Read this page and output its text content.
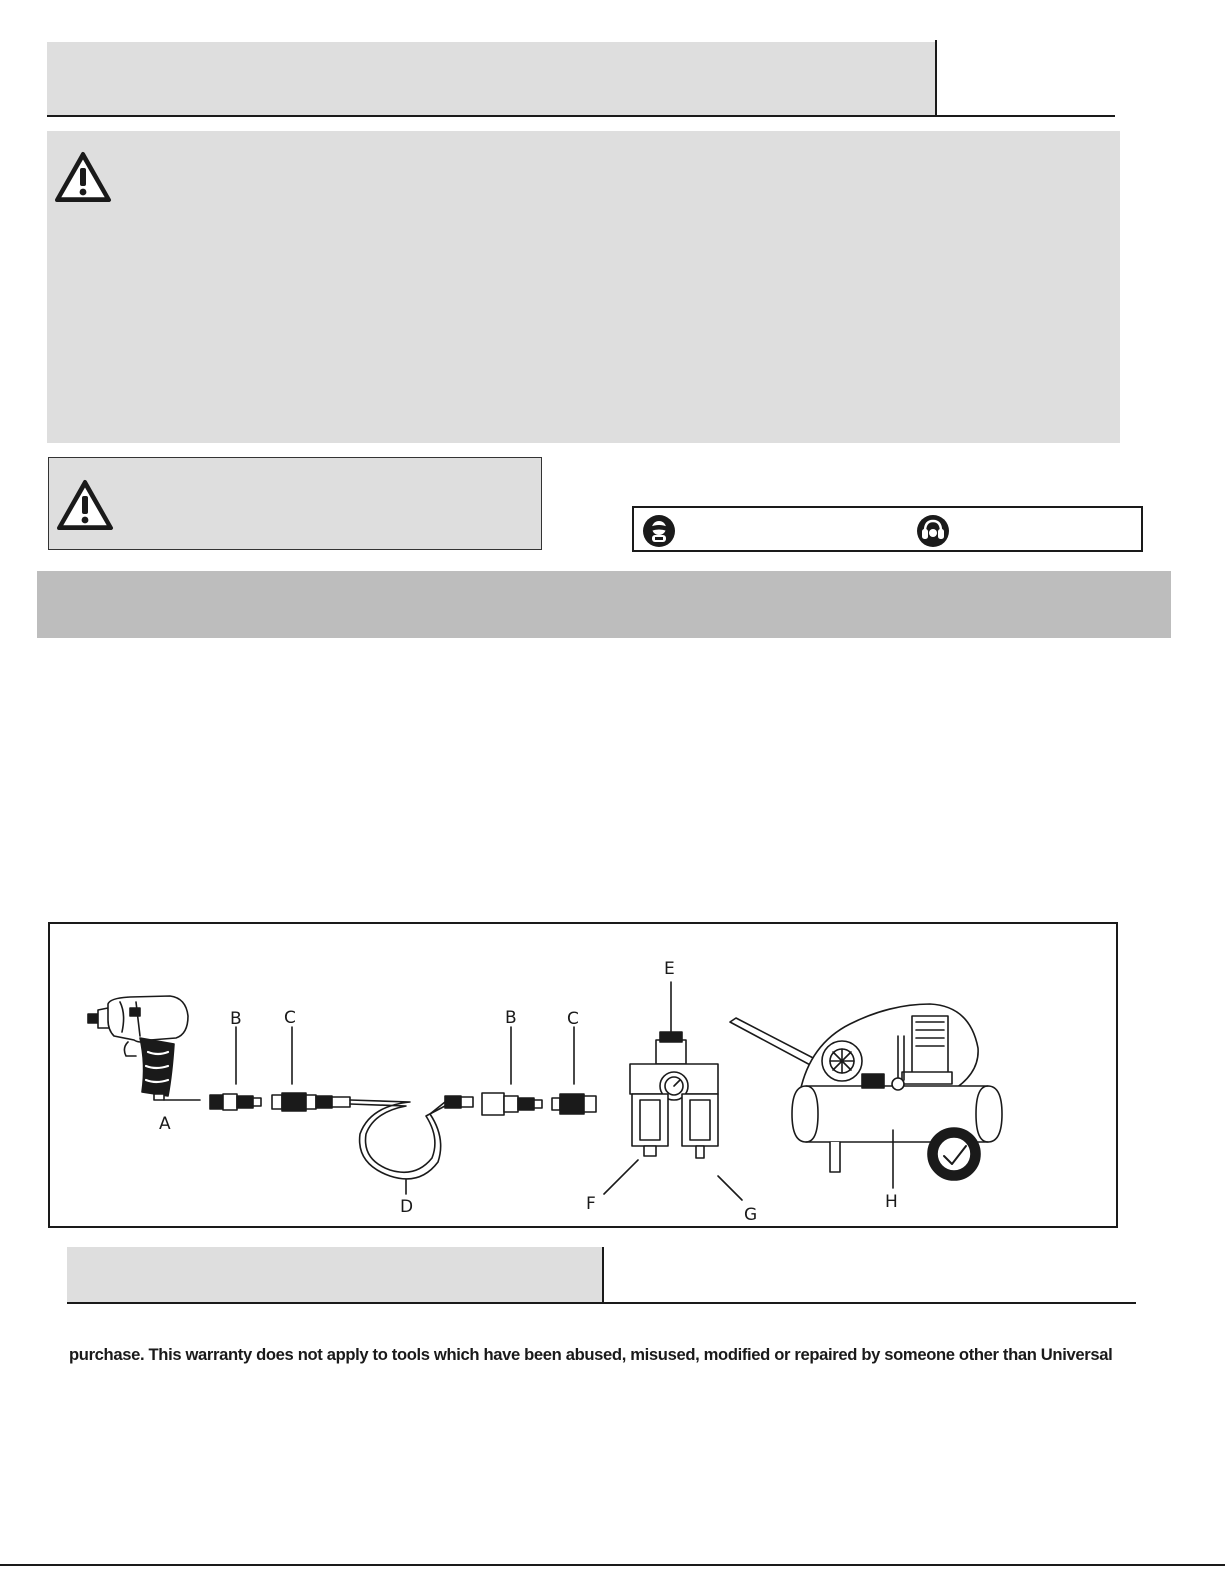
A
B C
D
B	C
E
F
G
H

purchase. This warranty does not apply to tools which have been abused, misused, modified or repaired by someone other than Universal
